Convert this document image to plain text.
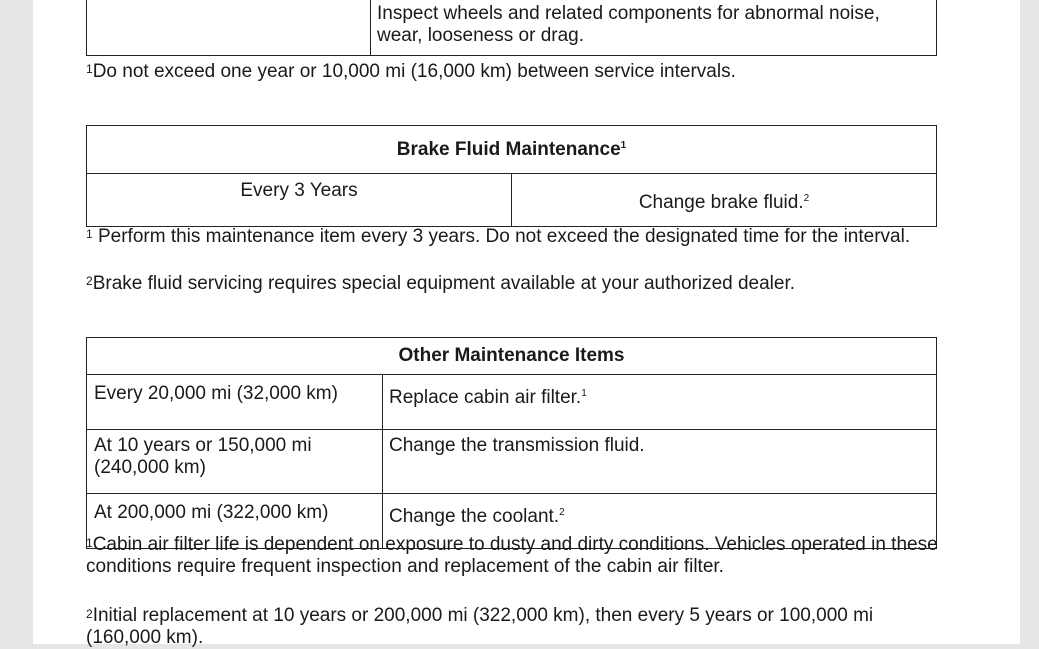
	Inspect wheels and related components for abnormal noise, wear, looseness or drag.
$^1$Do not exceed one year or 10,000 mi (16,000 km) between service intervals.
Brake Fluid Maintenance$^1$
Every 3 Years	Change brake fluid.$^2$
$^1$ Perform this maintenance item every 3 years. Do not exceed the designated time for the interval.
$^2$Brake fluid servicing requires special equipment available at your authorized dealer.
Other Maintenance Items	
Every 20,000 mi (32,000 km)	Replace cabin air filter.$^1$
At 10 years or 150,000 mi (240,000 km)	Change the transmission fluid.
At 200,000 mi (322,000 km)	Change the coolant.$^2$
$^1$Cabin air filter life is dependent on exposure to dusty and dirty conditions. Vehicles operated in these conditions require frequent inspection and replacement of the cabin air filter.
$^2$Initial replacement at 10 years or 200,000 mi (322,000 km), then every 5 years or 100,000 mi (160,000 km).
